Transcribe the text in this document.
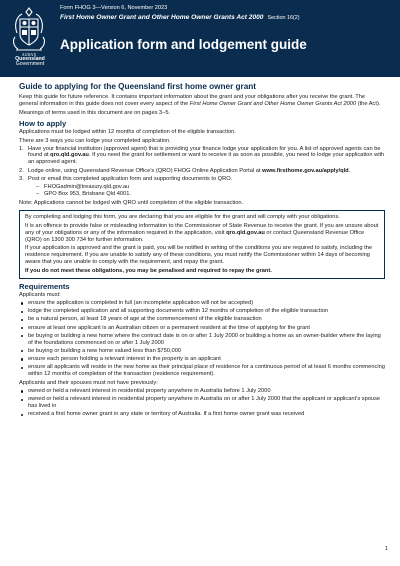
AUDAX
Queensland
Government
Form FHOG 3—Version 6, November 2023
First Home Owner Grant and Other Home Owner Grants Act 2000 Section 16(2)
Application form and lodgement guide
Guide to applying for the Queensland first home owner grant

Keep this guide for future reference. It contains important information about the grant and your obligations after you receive the grant. The general information in this guide does not cover every aspect of the First Home Owner Grant and Other Home Owner Grants Act 2000 (the Act).

Meanings of terms used in this document are on pages 3–5.

How to apply

Applications must be lodged within 12 months of completion of the eligible transaction.

There are 3 ways you can lodge your completed application.

1. Have your financial institution (approved agent) that is providing your finance lodge your application for you. A list of approved agents can be found at qro.qld.gov.au. If you need the grant for settlement or want to receive it as soon as possible, you need to lodge your application with an approved agent.
2. Lodge online, using Queensland Revenue Office’s (QRO) FHOG Online Application Portal at www.firsthome.gov.au/apply/qld.
3. Post or email this completed application form and supporting documents to QRO.
– FHOGadmin@treasury.qld.gov.au
– GPO Box 953, Brisbane Qld 4001.

Note: Applications cannot be lodged with QRO until completion of the eligible transaction.

By completing and lodging this form, you are declaring that you are eligible for the grant and will comply with your obligations.

It is an offence to provide false or misleading information to the Commissioner of State Revenue to receive the grant. If you are unsure about any of your obligations or any of the information required in the application, visit qro.qld.gov.au or contact Queensland Revenue Office (QRO) on 1300 300 734 for further information.

If your application is approved and the grant is paid, you will be notified in writing of the conditions you are required to satisfy, including the residence requirement. If you are unable to satisfy any of these conditions, you must notify the Commissioner within 14 days of becoming aware that you are unable to comply with the requirement, and repay the grant.

If you do not meet these obligations, you may be penalised and required to repay the grant.

Requirements

Applicants must:

ensure the application is completed in full (an incomplete application will not be accepted)
lodge the completed application and all supporting documents within 12 months of completion of the eligible transaction
be a natural person, at least 18 years of age at the commencement of the eligible transaction
ensure at least one applicant is an Australian citizen or a permanent resident at the time of applying for the grant
be buying or building a new home where the contract date is on or after 1 July 2000 or building a home as an owner-builder where the laying of the foundations commenced on or after 1 July 2000
be buying or building a new home valued less than $750,000
ensure each person holding a relevant interest in the property is an applicant
ensure all applicants will reside in the new home as their principal place of residence for a continuous period of at least 6 months commencing within 12 months of completion of the transaction (residence requirement).

Applicants and their spouses must not have previously:

owned or held a relevant interest in residential property anywhere in Australia before 1 July 2000
owned or held a relevant interest in residential property anywhere in Australia on or after 1 July 2000 that the applicant or applicant’s spouse has lived in
received a first home owner grant in any state or territory of Australia. If a first home owner grant was received
1
